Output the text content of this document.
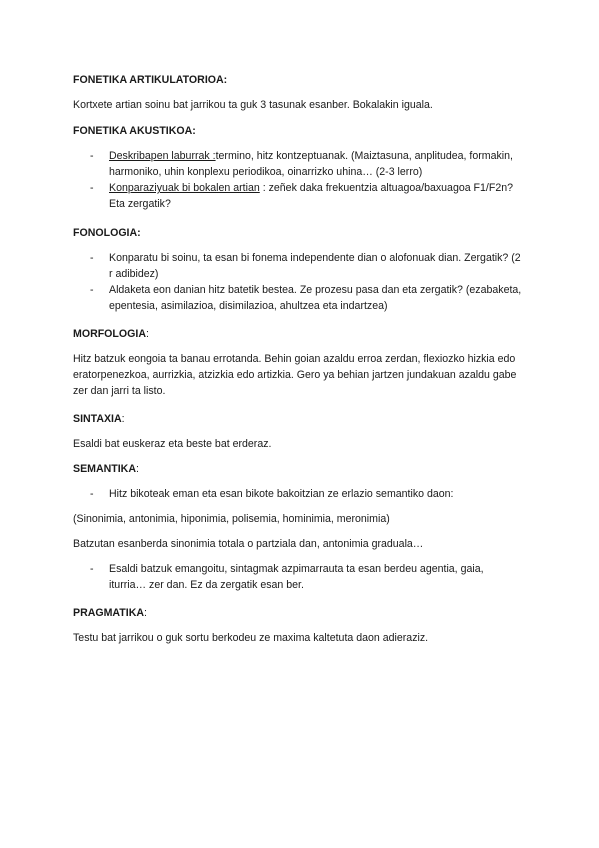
FONETIKA ARTIKULATORIOA:

Kortxete artian soinu bat jarrikou ta guk 3 tasunak esanber. Bokalakin iguala.

FONETIKA AKUSTIKOA:

- Deskribapen laburrak :termino, hitz kontzeptuanak. (Maiztasuna, anplitudea, formakin, harmoniko, uhin konplexu periodikoa, oinarrizko uhina… (2-3 lerro)
- Konparaziyuak bi bokalen artian : zeñek daka frekuentzia altuagoa/baxuagoa F1/F2n? Eta zergatik?

FONOLOGIA:

- Konparatu bi soinu, ta esan bi fonema independente dian o alofonuak dian. Zergatik? (2 r adibidez)
- Aldaketa eon danian hitz batetik bestea. Ze prozesu pasa dan eta zergatik? (ezabaketa, epentesia, asimilazioa, disimilazioa, ahultzea eta indartzea)

MORFOLOGIA:

Hitz batzuk eongoia ta banau errotanda. Behin goian azaldu erroa zerdan, flexiozko hizkia edo eratorpenezkoa, aurrizkia, atzizkia edo artizkia. Gero ya behian jartzen jundakuan azaldu gabe zer dan jarri ta listo.

SINTAXIA:

Esaldi bat euskeraz eta beste bat erderaz.

SEMANTIKA:

- Hitz bikoteak eman eta esan bikote bakoitzian ze erlazio semantiko daon:

(Sinonimia, antonimia, hiponimia, polisemia, hominimia, meronimia)

Batzutan esanberda sinonimia totala o partziala dan, antonimia graduala…

- Esaldi batzuk emangoitu, sintagmak azpimarrauta ta esan berdeu agentia, gaia, iturria… zer dan. Ez da zergatik esan ber.

PRAGMATIKA:

Testu bat jarrikou o guk sortu berkodeu ze maxima kaltetuta daon adieraziz.
